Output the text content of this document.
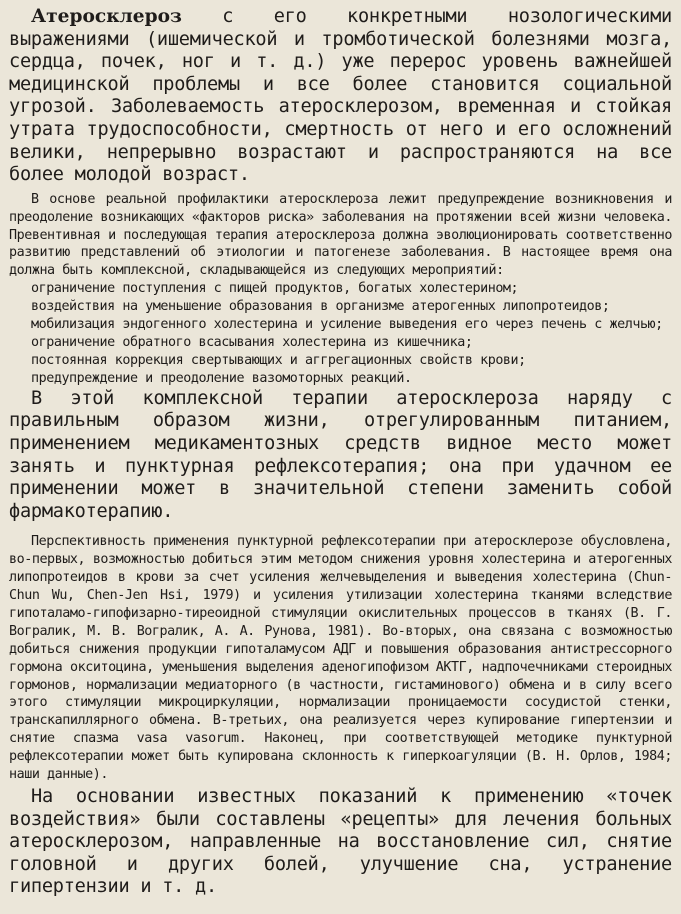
Атеросклероз с его конкретными нозологическими выражениями (ишемической и тромботической болезнями мозга, сердца, почек, ног и т. д.) уже перерос уровень важнейшей медицинской проблемы и все более становится социальной угрозой. Заболеваемость атеросклерозом, временная и стойкая утрата трудоспособности, смертность от него и его осложнений велики, непрерывно возрастают и распространяются на все более молодой возраст.

В основе реальной профилактики атеросклероза лежит предупреждение возникновения и преодоление возникающих «факторов риска» заболевания на протяжении всей жизни человека. Превентивная и последующая терапия атеросклероза должна эволюционировать соответственно развитию представлений об этиологии и патогенезе заболевания. В настоящее время она должна быть комплексной, складывающейся из следующих мероприятий:

ограничение поступления с пищей продуктов, богатых холестерином;
воздействия на уменьшение образования в организме атерогенных липопротеидов;
мобилизация эндогенного холестерина и усиление выведения его через печень с желчью;
ограничение обратного всасывания холестерина из кишечника;
постоянная коррекция свертывающих и аггрегационных свойств крови;
предупреждение и преодоление вазомоторных реакций.

В этой комплексной терапии атеросклероза наряду с правильным образом жизни, отрегулированным питанием, применением медикаментозных средств видное место может занять и пунктурная рефлексотерапия; она при удачном ее применении может в значительной степени заменить собой фармакотерапию.

Перспективность применения пунктурной рефлексотерапии при атеросклерозе обусловлена, во-первых, возможностью добиться этим методом снижения уровня холестерина и атерогенных липопротеидов в крови за счет усиления желчевыделения и выведения холестерина (Chun-Chun Wu, Chen-Jen Hsi, 1979) и усиления утилизации холестерина тканями вследствие гипоталамо-гипофизарно-тиреоидной стимуляции окислительных процессов в тканях (В. Г. Вогралик, М. В. Вогралик, А. А. Рунова, 1981). Во-вторых, она связана с возможностью добиться снижения продукции гипоталамусом АДГ и повышения образования антистрессорного гормона окситоцина, уменьшения выделения аденогипофизом АКТГ, надпочечниками стероидных гормонов, нормализации медиаторного (в частности, гистаминового) обмена и в силу всего этого стимуляции микроциркуляции, нормализации проницаемости сосудистой стенки, транскапиллярного обмена. В-третьих, она реализуется через купирование гипертензии и снятие спазма vasa vasorum. Наконец, при соответствующей методике пунктурной рефлексотерапии может быть купирована склонность к гиперкоагуляции (В. Н. Орлов, 1984; наши данные).

На основании известных показаний к применению «точек воздействия» были составлены «рецепты» для лечения больных атеросклерозом, направленные на восстановление сил, снятие головной и других болей, улучшение сна, устранение гипертензии и т. д.
